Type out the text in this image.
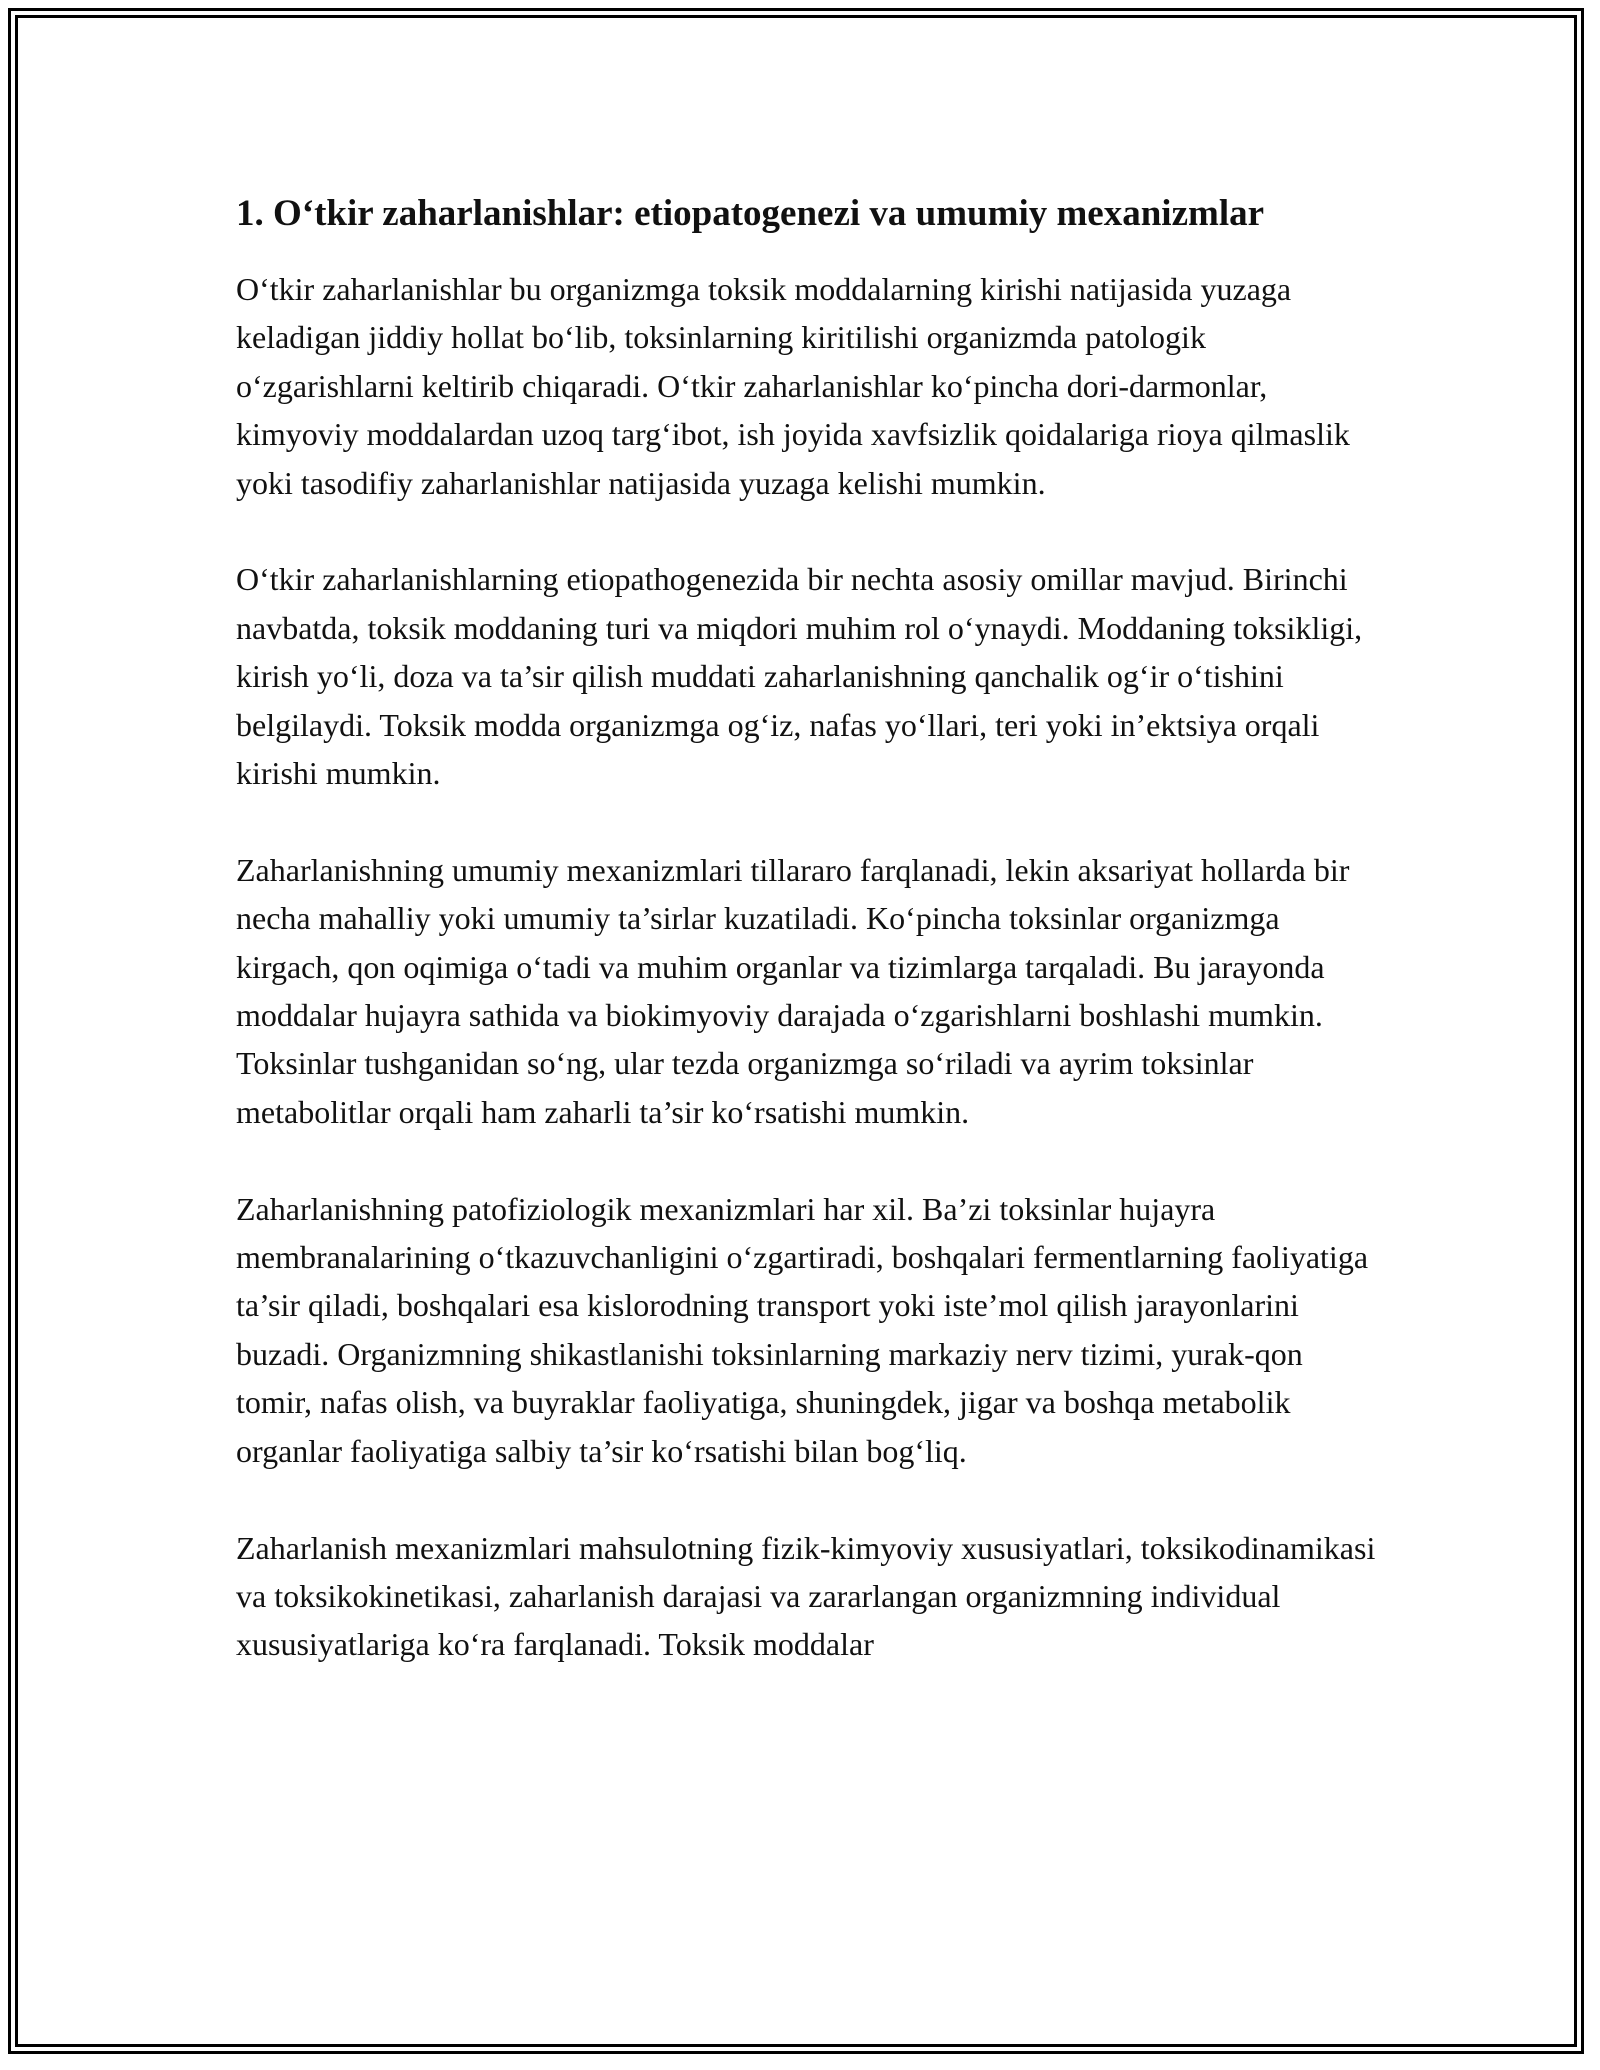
1. O‘tkir zaharlanishlar: etiopatogenezi va umumiy mexanizmlar

O‘tkir zaharlanishlar bu organizmga toksik moddalarning kirishi natijasida yuzaga keladigan jiddiy hollat bo‘lib, toksinlarning kiritilishi organizmda patologik o‘zgarishlarni keltirib chiqaradi. O‘tkir zaharlanishlar ko‘pincha dori-darmonlar, kimyoviy moddalardan uzoq targ‘ibot, ish joyida xavfsizlik qoidalariga rioya qilmaslik yoki tasodifiy zaharlanishlar natijasida yuzaga kelishi mumkin.

O‘tkir zaharlanishlarning etiopathogenezida bir nechta asosiy omillar mavjud. Birinchi navbatda, toksik moddaning turi va miqdori muhim rol o‘ynaydi. Moddaning toksikligi, kirish yo‘li, doza va ta’sir qilish muddati zaharlanishning qanchalik og‘ir o‘tishini belgilaydi. Toksik modda organizmga og‘iz, nafas yo‘llari, teri yoki in’ektsiya orqali kirishi mumkin.

Zaharlanishning umumiy mexanizmlari tillararo farqlanadi, lekin aksariyat hollarda bir necha mahalliy yoki umumiy ta’sirlar kuzatiladi. Ko‘pincha toksinlar organizmga kirgach, qon oqimiga o‘tadi va muhim organlar va tizimlarga tarqaladi. Bu jarayonda moddalar hujayra sathida va biokimyoviy darajada o‘zgarishlarni boshlashi mumkin. Toksinlar tushganidan so‘ng, ular tezda organizmga so‘riladi va ayrim toksinlar metabolitlar orqali ham zaharli ta’sir ko‘rsatishi mumkin.

Zaharlanishning patofiziologik mexanizmlari har xil. Ba’zi toksinlar hujayra membranalarining o‘tkazuvchanligini o‘zgartiradi, boshqalari fermentlarning faoliyatiga ta’sir qiladi, boshqalari esa kislorodning transport yoki iste’mol qilish jarayonlarini buzadi. Organizmning shikastlanishi toksinlarning markaziy nerv tizimi, yurak-qon tomir, nafas olish, va buyraklar faoliyatiga, shuningdek, jigar va boshqa metabolik organlar faoliyatiga salbiy ta’sir ko‘rsatishi bilan bog‘liq.

Zaharlanish mexanizmlari mahsulotning fizik-kimyoviy xususiyatlari, toksikodinamikasi va toksikokinetikasi, zaharlanish darajasi va zararlangan organizmning individual xususiyatlariga ko‘ra farqlanadi. Toksik moddalar
